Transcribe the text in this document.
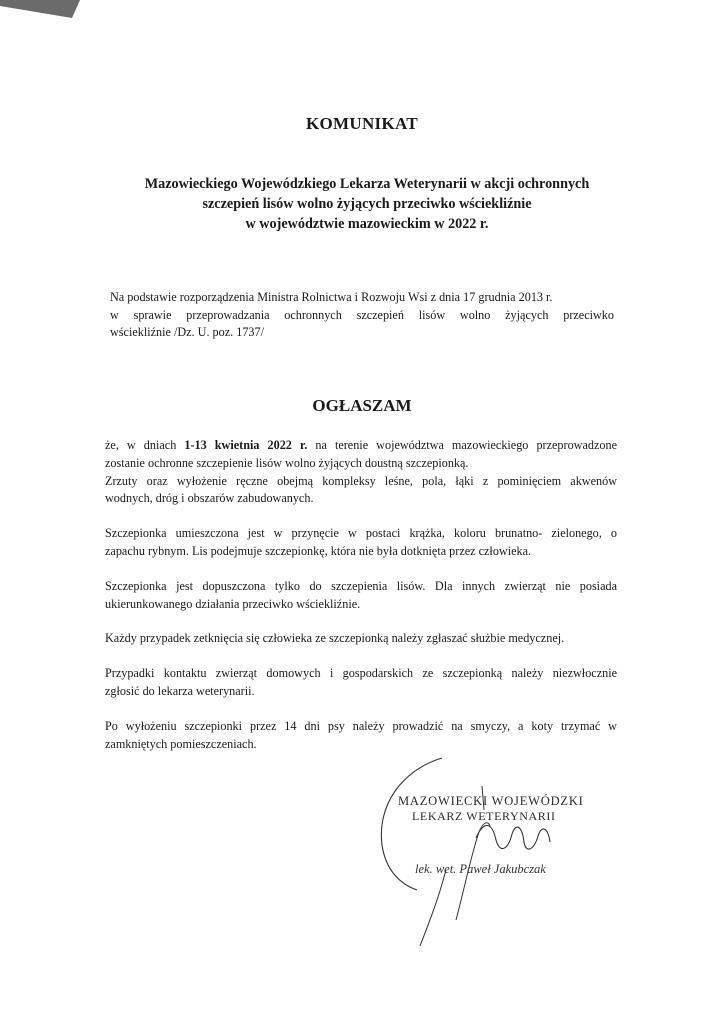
KOMUNIKAT
Mazowieckiego Wojewódzkiego Lekarza Weterynarii w akcji ochronnych
szczepień lisów wolno żyjących przeciwko wściekliźnie
w województwie mazowieckim w 2022 r.
Na podstawie rozporządzenia Ministra Rolnictwa i Rozwoju Wsi z dnia 17 grudnia 2013 r.
w sprawie przeprowadzania ochronnych szczepień lisów wolno żyjących przeciwko
wściekliźnie /Dz. U. poz. 1737/
OGŁASZAM
że, w dniach 1-13 kwietnia 2022 r. na terenie województwa mazowieckiego przeprowadzone
zostanie ochronne szczepienie lisów wolno żyjących doustną szczepionką.
Zrzuty oraz wyłożenie ręczne obejmą kompleksy leśne, pola, łąki z pominięciem akwenów
wodnych, dróg i obszarów zabudowanych.
Szczepionka umieszczona jest w przynęcie w postaci krążka, koloru brunatno- zielonego, o
zapachu rybnym. Lis podejmuje szczepionkę, która nie była dotknięta przez człowieka.
Szczepionka jest dopuszczona tylko do szczepienia lisów. Dla innych zwierząt nie posiada
ukierunkowanego działania przeciwko wściekliźnie.
Każdy przypadek zetknięcia się człowieka ze szczepionką należy zgłaszać służbie medycznej.
Przypadki kontaktu zwierząt domowych i gospodarskich ze szczepionką należy niezwłocznie
zgłosić do lekarza weterynarii.
Po wyłożeniu szczepionki przez 14 dni psy należy prowadzić na smyczy, a koty trzymać w
zamkniętych pomieszczeniach.
MAZOWIECKI WOJEWÓDZKI
LEKARZ WETERYNARII
lek. wet. Paweł Jakubczak
